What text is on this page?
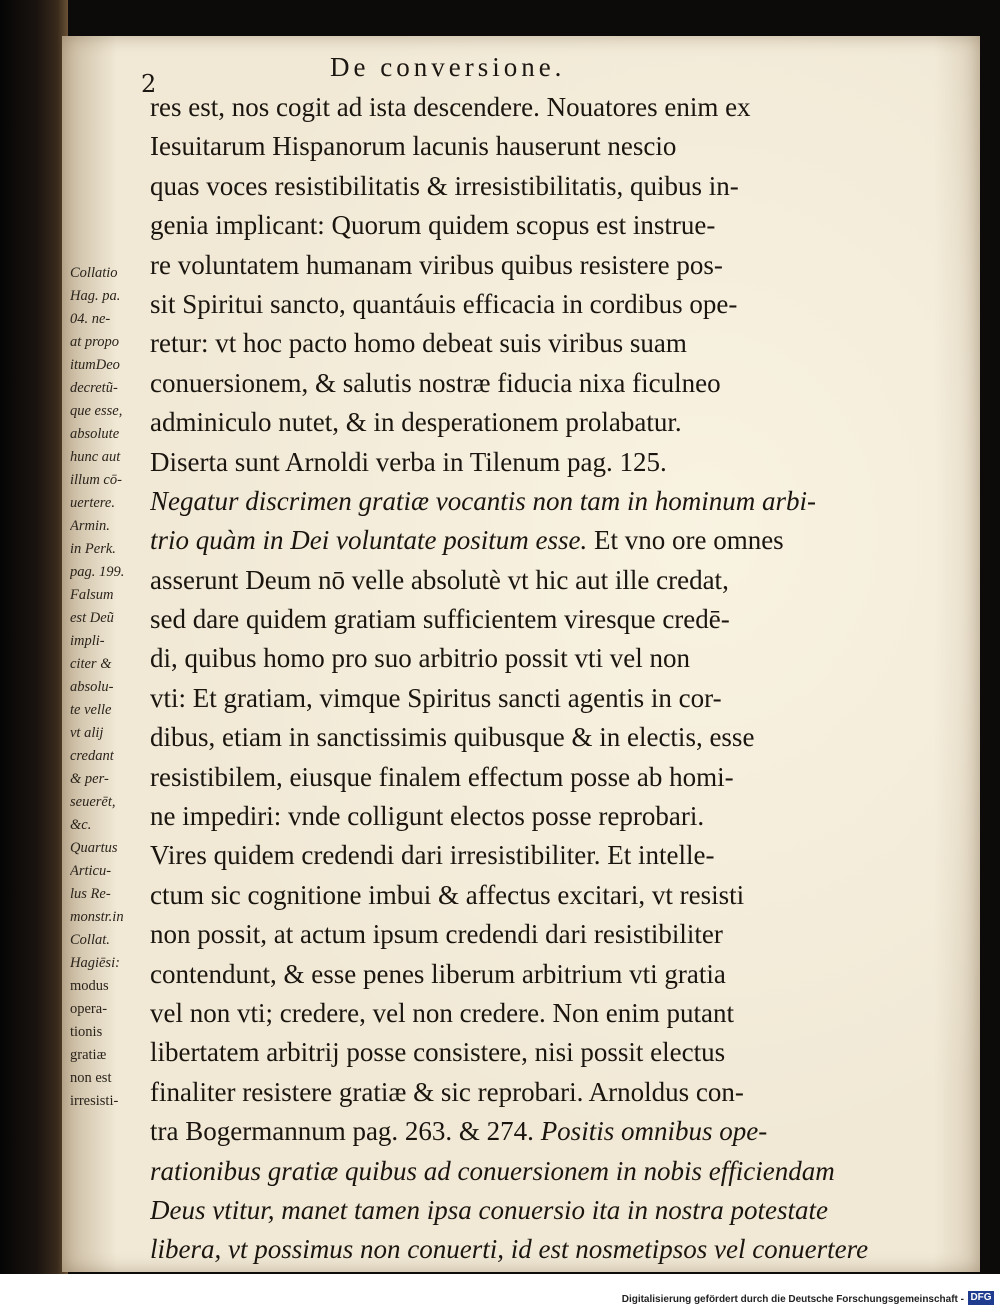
2

De conversione.
Collatio
Hag. pa.
04. ne-
at propo
itumDeo
decretũ-
que esse,
absolute
hunc aut
illum cō-
uertere.
Armin.
in Perk.
pag. 199.
Falsum
est Deũ
impli-
citer &
absolu-
te velle
vt alij
credant
& per-
seuerēt,
&c.
Quartus
Articu-
lus Re-
monstr.in
Collat.
Hagiēsi:
modus
opera-
tionis
gratiæ
non est
irresisti-
res est, nos cogit ad ista descendere. Nouatores enim ex
Iesuitarum Hispanorum lacunis hauserunt nescio
quas voces resistibilitatis & irresistibilitatis, quibus in-
genia implicant: Quorum quidem scopus est instrue-
re voluntatem humanam viribus quibus resistere pos-
sit Spiritui sancto, quantáuis efficacia in cordibus ope-
retur: vt hoc pacto homo debeat suis viribus suam
conuersionem, & salutis nostræ fiducia nixa ficulneo
adminiculo nutet, & in desperationem prolabatur.
Diserta sunt Arnoldi verba in Tilenum pag. 125.
Negatur discrimen gratiæ vocantis non tam in hominum arbi-
trio quàm in Dei voluntate positum esse. Et vno ore omnes
asserunt Deum nō velle absolutè vt hic aut ille credat,
sed dare quidem gratiam sufficientem viresque credē-
di, quibus homo pro suo arbitrio possit vti vel non
vti: Et gratiam, vimque Spiritus sancti agentis in cor-
dibus, etiam in sanctissimis quibusque & in electis, esse
resistibilem, eiusque finalem effectum posse ab homi-
ne impediri: vnde colligunt electos posse reprobari.
Vires quidem credendi dari irresistibiliter. Et intelle-
ctum sic cognitione imbui & affectus excitari, vt resisti
non possit, at actum ipsum credendi dari resistibiliter
contendunt, & esse penes liberum arbitrium vti gratia
vel non vti; credere, vel non credere. Non enim putant
libertatem arbitrij posse consistere, nisi possit electus
finaliter resistere gratiæ & sic reprobari. Arnoldus con-
tra Bogermannum pag. 263. & 274. Positis omnibus ope-
rationibus gratiæ quibus ad conuersionem in nobis efficiendam
Deus vtitur, manet tamen ipsa conuersio ita in nostra potestate
libera, vt possimus non conuerti, id est nosmetipsos vel conuertere
Digitalisierung gefördert durch die Deutsche Forschungsgemeinschaft - DFG
